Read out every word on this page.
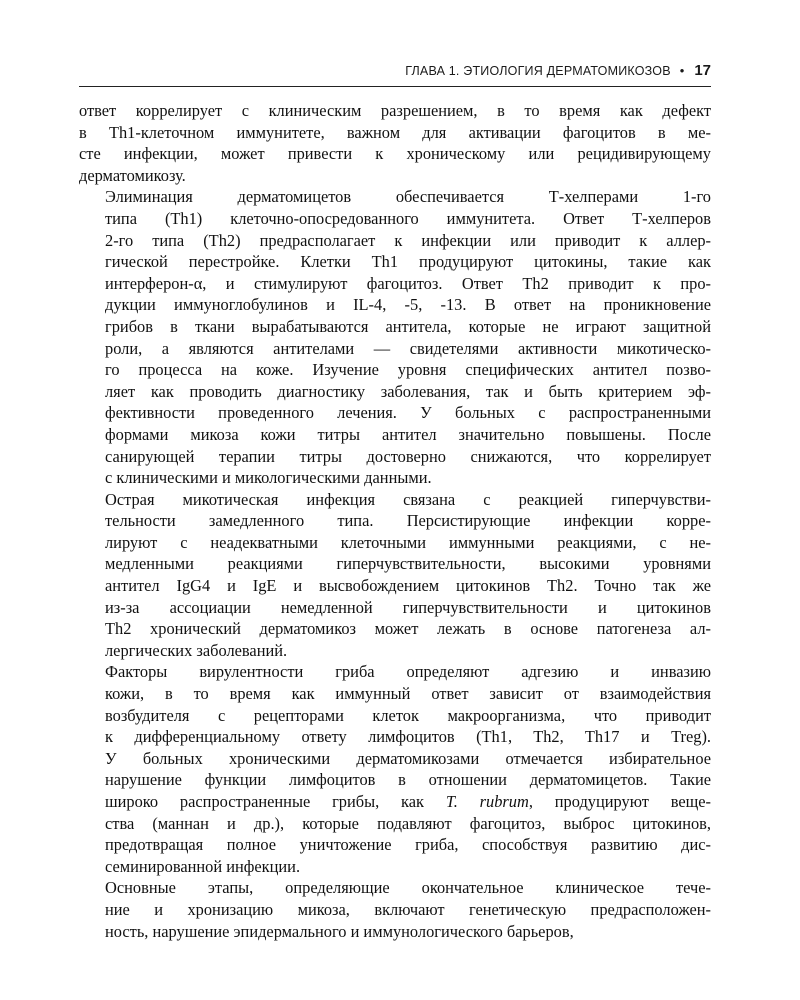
ГЛАВА 1. ЭТИОЛОГИЯ ДЕРМАТОМИКОЗОВ • 17

ответ коррелирует с клиническим разрешением, в то время как дефект
в Th1-клеточном иммунитете, важном для активации фагоцитов в ме-
сте инфекции, может привести к хроническому или рецидивирующему
дерматомикозу.

Элиминация дерматомицетов обеспечивается Т-хелперами 1-го
типа (Th1) клеточно-опосредованного иммунитета. Ответ Т-хелперов
2-го типа (Th2) предрасполагает к инфекции или приводит к аллер-
гической перестройке. Клетки Th1 продуцируют цитокины, такие как
интерферон-α, и стимулируют фагоцитоз. Ответ Th2 приводит к про-
дукции иммуноглобулинов и IL-4, -5, -13. В ответ на проникновение
грибов в ткани вырабатываются антитела, которые не играют защитной
роли, а являются антителами — свидетелями активности микотическо-
го процесса на коже. Изучение уровня специфических антител позво-
ляет как проводить диагностику заболевания, так и быть критерием эф-
фективности проведенного лечения. У больных с распространенными
формами микоза кожи титры антител значительно повышены. После
санирующей терапии титры достоверно снижаются, что коррелирует
с клиническими и микологическими данными.

Острая микотическая инфекция связана с реакцией гиперчувстви-
тельности замедленного типа. Персистирующие инфекции корре-
лируют с неадекватными клеточными иммунными реакциями, с не-
медленными реакциями гиперчувствительности, высокими уровнями
антител IgG4 и IgE и высвобождением цитокинов Th2. Точно так же
из-за ассоциации немедленной гиперчувствительности и цитокинов
Th2 хронический дерматомикоз может лежать в основе патогенеза ал-
лергических заболеваний.

Факторы вирулентности гриба определяют адгезию и инвазию
кожи, в то время как иммунный ответ зависит от взаимодействия
возбудителя с рецепторами клеток макроорганизма, что приводит
к дифференциальному ответу лимфоцитов (Th1, Th2, Th17 и Treg).
У больных хроническими дерматомикозами отмечается избирательное
нарушение функции лимфоцитов в отношении дерматомицетов. Такие
широко распространенные грибы, как T. rubrum, продуцируют веще-
ства (маннан и др.), которые подавляют фагоцитоз, выброс цитокинов,
предотвращая полное уничтожение гриба, способствуя развитию дис-
семинированной инфекции.

Основные этапы, определяющие окончательное клиническое тече-
ние и хронизацию микоза, включают генетическую предрасположен-
ность, нарушение эпидермального и иммунологического барьеров,
